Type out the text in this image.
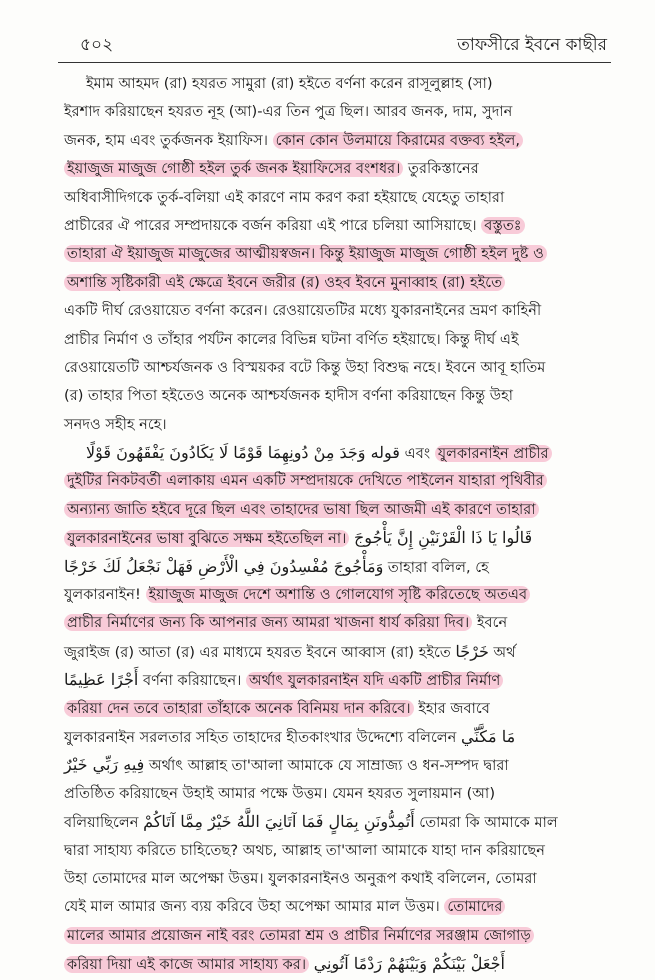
৫০২	তাফসীরে ইবনে কাছীর
ইমাম আহমদ (রা) হযরত সামুরা (রা) হইতে বর্ণনা করেন রাসূলুল্লাহ (সা)
ইরশাদ করিয়াছেন হযরত নূহ (আ)-এর তিন পুত্র ছিল। আরব জনক, দাম, সুদান
জনক, হাম এবং তুর্কজনক ইয়াফিস। কোন কোন উলমায়ে কিরামের বক্তব্য হইল,
ইয়াজুজ মাজুজ গোষ্ঠী হইল তুর্ক জনক ইয়াফিসের বংশধর। তুরকিস্তানের
অধিবাসীদিগকে তুর্ক-বলিয়া এই কারণে নাম করণ করা হইয়াছে যেহেতু তাহারা
প্রাচীরের ঐ পারের সম্প্রদায়কে বর্জন করিয়া এই পারে চলিয়া আসিয়াছে। বস্তুতঃ
তাহারা ঐ ইয়াজুজ মাজুজের আত্মীয়স্বজন। কিন্তু ইয়াজুজ মাজুজ গোষ্ঠী হইল দুষ্ট ও
অশান্তি সৃষ্টিকারী এই ক্ষেত্রে ইবনে জরীর (র) ওহব ইবনে মুনাব্বাহ (রা) হইতে
একটি দীর্ঘ রেওয়ায়েত বর্ণনা করেন। রেওয়ায়েতটির মধ্যে যুকারনাইনের ভ্রমণ কাহিনী
প্রাচীর নির্মাণ ও তাঁহার পর্যটন কালের বিভিন্ন ঘটনা বর্ণিত হইয়াছে। কিন্তু দীর্ঘ এই
রেওয়ায়েতটি আশ্চর্যজনক ও বিস্ময়কর বটে কিন্তু উহা বিশুদ্ধ নহে। ইবনে আবূ হাতিম
(র) তাহার পিতা হইতেও অনেক আশ্চর্যজনক হাদীস বর্ণনা করিয়াছেন কিন্তু উহা
সনদও সহীহ নহে।
قوله وَجَدَ مِنْ دُونِهِمَا قَوْمًا لَا يَكَادُونَ يَفْقَهُونَ قَوْلًا এবং যুলকারনাইন প্রাচীর
দুইটির নিকটবর্তী এলাকায় এমন একটি সম্প্রদায়কে দেখিতে পাইলেন যাহারা পৃথিবীর
অন্যান্য জাতি হইবে দূরে ছিল এবং তাহাদের ভাষা ছিল আজমী এই কারণে তাহারা
যুলকারনাইনের ভাষা বুঝিতে সক্ষম হইতেছিল না। قَالُوا يَا ذَا الْقَرْنَيْنِ إِنَّ يَأْجُوجَ
وَمَأْجُوجَ مُفْسِدُونَ فِي الْأَرْضِ فَهَلْ نَجْعَلُ لَكَ خَرْجًا তাহারা বলিল, হে
যুলকারনাইন! ইয়াজুজ মাজুজ দেশে অশান্তি ও গোলযোগ সৃষ্টি করিতেছে অতএব
প্রাচীর নির্মাণের জন্য কি আপনার জন্য আমরা খাজনা ধার্য করিয়া দিব। ইবনে
জুরাইজ (র) আতা (র) এর মাধ্যমে হযরত ইবনে আব্বাস (রা) হইতে خَرْجًا অর্থ
أَجْرًا عَظِيمًا বর্ণনা করিয়াছেন। অর্থাৎ যুলকারনাইন যদি একটি প্রাচীর নির্মাণ
করিয়া দেন তবে তাহারা তাঁহাকে অনেক বিনিময় দান করিবে। ইহার জবাবে
যুলকারনাইন সরলতার সহিত তাহাদের হীতকাংখার উদ্দেশ্যে বলিলেন مَا مَكَّنِّي
فِيهِ رَبِّي خَيْرٌ অর্থাৎ আল্লাহ তা'আলা আমাকে যে সাম্রাজ্য ও ধন-সম্পদ দ্বারা
প্রতিষ্ঠিত করিয়াছেন উহাই আমার পক্ষে উত্তম। যেমন হযরত সুলায়মান (আ)
বলিয়াছিলেন أَتُمِدُّونَنِ بِمَالٍ فَمَا آتَانِيَ اللَّهُ خَيْرٌ مِمَّا آتَاكُمْ তোমরা কি আমাকে মাল
দ্বারা সাহায্য করিতে চাহিতেছ? অথচ, আল্লাহ তা'আলা আমাকে যাহা দান করিয়াছেন
উহা তোমাদের মাল অপেক্ষা উত্তম। যুলকারনাইনও অনুরূপ কথাই বলিলেন, তোমরা
যেই মাল আমার জন্য ব্যয় করিবে উহা অপেক্ষা আমার মাল উত্তম। তোমাদের
মালের আমার প্রয়োজন নাই বরং তোমরা শ্রম ও প্রাচীর নির্মাণের সরঞ্জাম জোগাড়
করিয়া দিয়া এই কাজে আমার সাহায্য কর। أَجْعَلْ بَيْنَكُمْ وَبَيْنَهُمْ رَدْمًا آتُونِي
